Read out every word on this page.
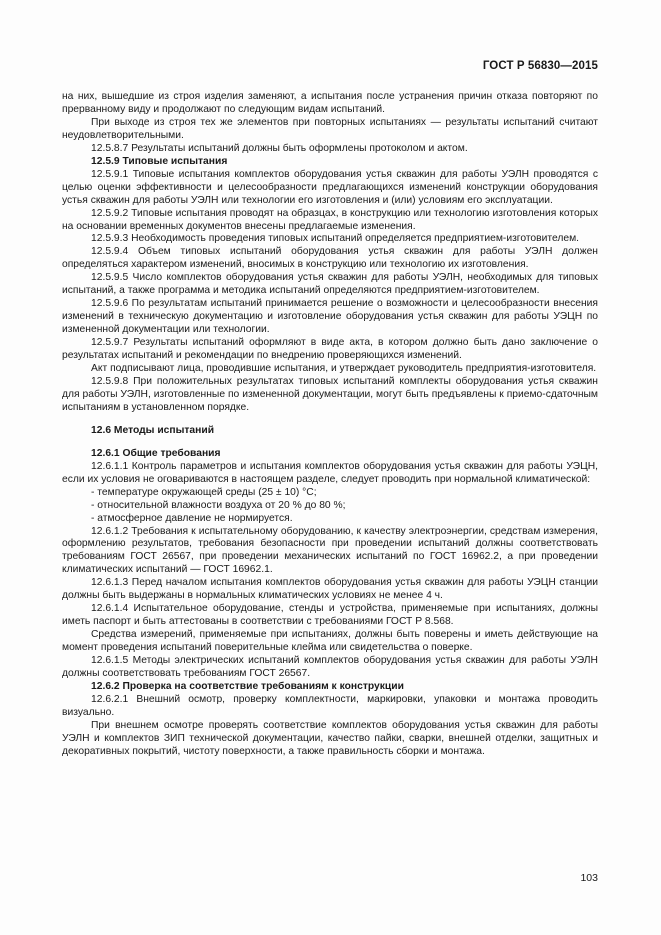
ГОСТ Р 56830—2015

на них, вышедшие из строя изделия заменяют, а испытания после устранения причин отказа повторяют по прерванному виду и продолжают по следующим видам испытаний.

При выходе из строя тех же элементов при повторных испытаниях — результаты испытаний считают неудовлетворительными.

12.5.8.7 Результаты испытаний должны быть оформлены протоколом и актом.

12.5.9 Типовые испытания

12.5.9.1 Типовые испытания комплектов оборудования устья скважин для работы УЭЛН проводятся с целью оценки эффективности и целесообразности предлагающихся изменений конструкции оборудования устья скважин для работы УЭЛН или технологии его изготовления и (или) условиям его эксплуатации.

12.5.9.2 Типовые испытания проводят на образцах, в конструкцию или технологию изготовления которых на основании временных документов внесены предлагаемые изменения.

12.5.9.3 Необходимость проведения типовых испытаний определяется предприятием-изготовителем.

12.5.9.4 Объем типовых испытаний оборудования устья скважин для работы УЭЛН должен определяться характером изменений, вносимых в конструкцию или технологию их изготовления.

12.5.9.5 Число комплектов оборудования устья скважин для работы УЭЛН, необходимых для типовых испытаний, а также программа и методика испытаний определяются предприятием-изготовителем.

12.5.9.6 По результатам испытаний принимается решение о возможности и целесообразности внесения изменений в техническую документацию и изготовление оборудования устья скважин для работы УЭЦН по измененной документации или технологии.

12.5.9.7 Результаты испытаний оформляют в виде акта, в котором должно быть дано заключение о результатах испытаний и рекомендации по внедрению проверяющихся изменений.

Акт подписывают лица, проводившие испытания, и утверждает руководитель предприятия-изготовителя.

12.5.9.8 При положительных результатах типовых испытаний комплекты оборудования устья скважин для работы УЭЛН, изготовленные по измененной документации, могут быть предъявлены к приемо-сдаточным испытаниям в установленном порядке.

12.6 Методы испытаний

12.6.1 Общие требования

12.6.1.1 Контроль параметров и испытания комплектов оборудования устья скважин для работы УЭЦН, если их условия не оговариваются в настоящем разделе, следует проводить при нормальной климатической:

- температуре окружающей среды (25 ± 10) °C;

- относительной влажности воздуха от 20 % до 80 %;

- атмосферное давление не нормируется.

12.6.1.2 Требования к испытательному оборудованию, к качеству электроэнергии, средствам измерения, оформлению результатов, требования безопасности при проведении испытаний должны соответствовать требованиям ГОСТ 26567, при проведении механических испытаний по ГОСТ 16962.2, а при проведении климатических испытаний — ГОСТ 16962.1.

12.6.1.3 Перед началом испытания комплектов оборудования устья скважин для работы УЭЦН станции должны быть выдержаны в нормальных климатических условиях не менее 4 ч.

12.6.1.4 Испытательное оборудование, стенды и устройства, применяемые при испытаниях, должны иметь паспорт и быть аттестованы в соответствии с требованиями ГОСТ Р 8.568.

Средства измерений, применяемые при испытаниях, должны быть поверены и иметь действующие на момент проведения испытаний поверительные клейма или свидетельства о поверке.

12.6.1.5 Методы электрических испытаний комплектов оборудования устья скважин для работы УЭЛН должны соответствовать требованиям ГОСТ 26567.

12.6.2 Проверка на соответствие требованиям к конструкции

12.6.2.1 Внешний осмотр, проверку комплектности, маркировки, упаковки и монтажа проводить визуально.

При внешнем осмотре проверять соответствие комплектов оборудования устья скважин для работы УЭЛН и комплектов ЗИП технической документации, качество пайки, сварки, внешней отделки, защитных и декоративных покрытий, чистоту поверхности, а также правильность сборки и монтажа.

103
